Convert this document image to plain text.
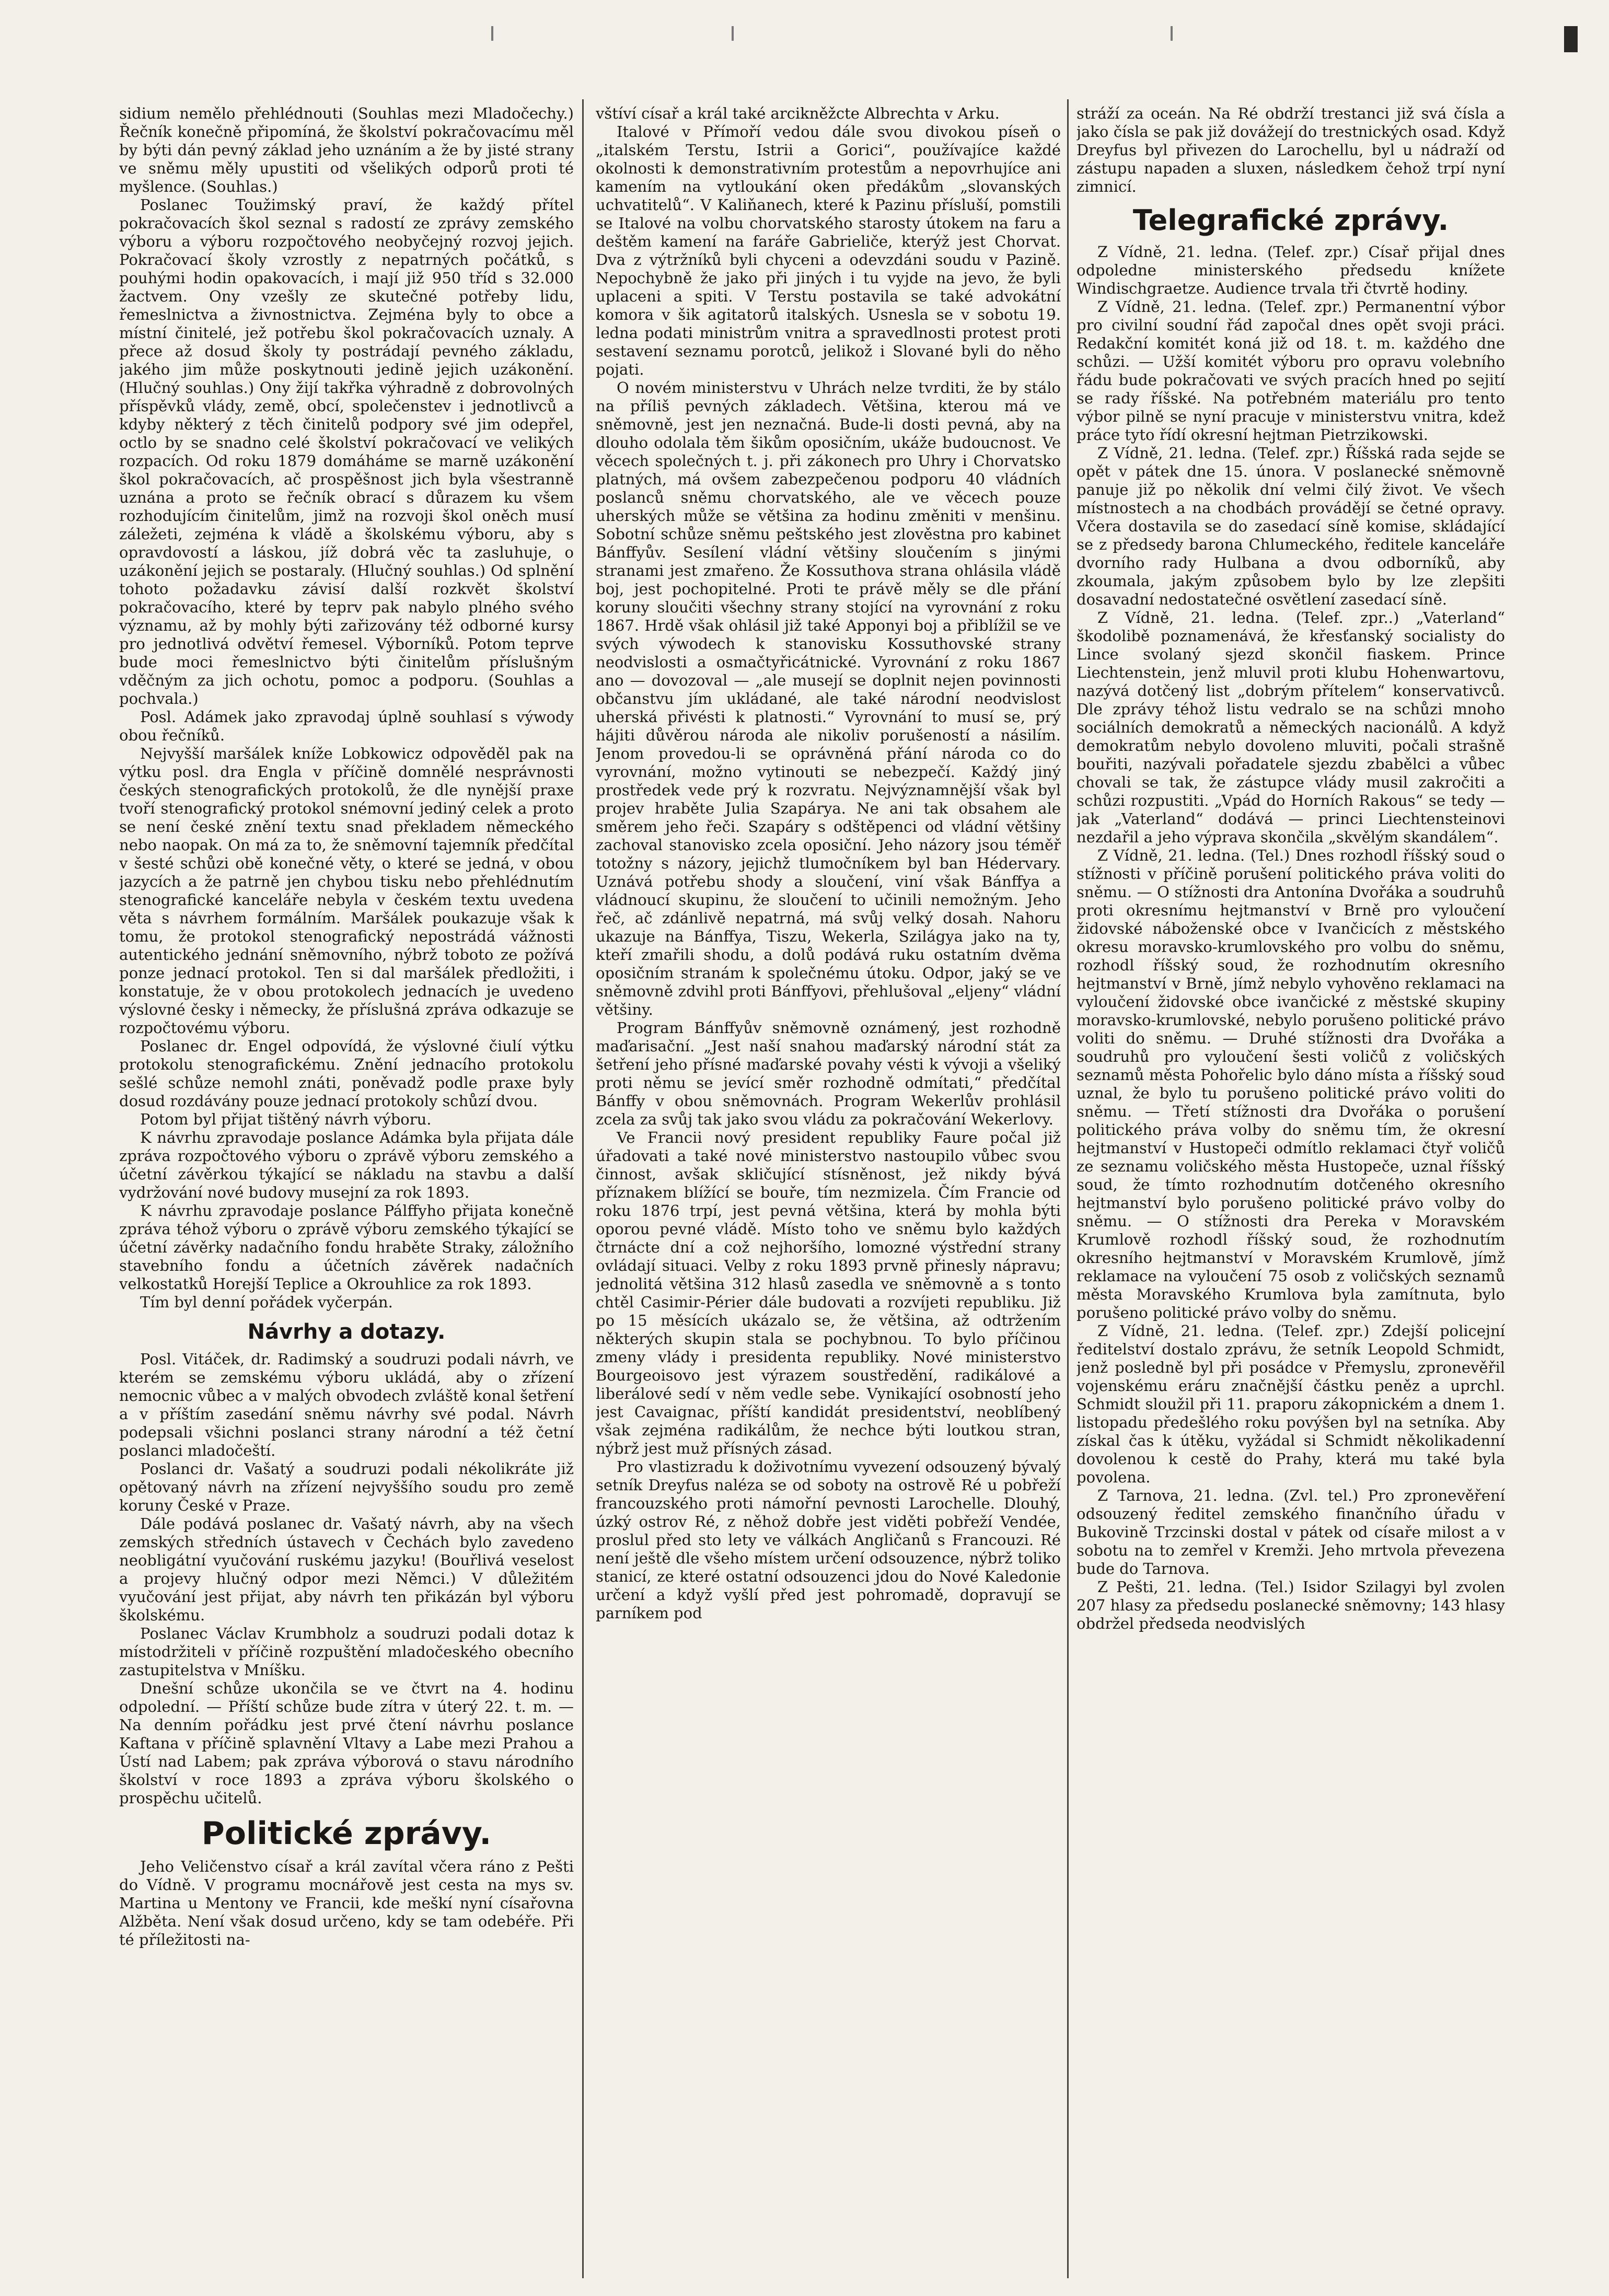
sidium nemělo přehlédnouti (Souhlas mezi Mladočechy.) Řečník konečně připomíná, že školství pokračovacímu měl by býti dán pevný základ jeho uznáním a že by jisté strany ve sněmu měly upustiti od všelikých odporů proti té myšlence. (Souhlas.)

Poslanec Toužimský praví, že každý přítel pokračovacích škol seznal s radostí ze zprávy zemského výboru a výboru rozpočtového neobyčejný rozvoj jejich. Pokračovací školy vzrostly z nepatrných počátků, s pouhými hodin opakovacích, i mají již 950 tříd s 32.000 žactvem. Ony vzešly ze skutečné potřeby lidu, řemeslnictva a živnostnictva. Zejména byly to obce a místní činitelé, jež potřebu škol pokračovacích uznaly. A přece až dosud školy ty postrádají pevného základu, jakého jim může poskytnouti jedině jejich uzákonění. (Hlučný souhlas.) Ony žijí takřka výhradně z dobrovolných příspěvků vlády, země, obcí, společenstev i jednotlivců a kdyby některý z těch činitelů podpory své jim odepřel, octlo by se snadno celé školství pokračovací ve velikých rozpacích. Od roku 1879 domáháme se marně uzákonění škol pokračovacích, ač prospěšnost jich byla všestranně uznána a proto se řečník obrací s důrazem ku všem rozhodujícím činitelům, jimž na rozvoji škol oněch musí záležeti, zejména k vládě a školskému výboru, aby s opravdovostí a láskou, jíž dobrá věc ta zasluhuje, o uzákonění jejich se postaraly. (Hlučný souhlas.) Od splnění tohoto požadavku závisí další rozkvět školství pokračovacího, které by teprv pak nabylo plného svého významu, až by mohly býti zařizovány též odborné kursy pro jednotlivá odvětví řemesel. Výborníků. Potom teprve bude moci řemeslnictvo býti činitelům příslušným vděčným za jich ochotu, pomoc a podporu. (Souhlas a pochvala.)

Posl. Adámek jako zpravodaj úplně souhlasí s výwody obou řečníků.

Nejvyšší maršálek kníže Lobkowicz odpověděl pak na výtku posl. dra Engla v příčině domnělé nesprávnosti českých stenografických protokolů, že dle nynější praxe tvoří stenografický protokol snémovní jediný celek a proto se není české znění textu snad překladem německého nebo naopak. On má za to, že sněmovní tajemník předčítal v šesté schůzi obě konečné věty, o které se jedná, v obou jazycích a že patrně jen chybou tisku nebo přehlédnutím stenografické kanceláře nebyla v českém textu uvedena věta s návrhem formálním. Maršálek poukazuje však k tomu, že protokol stenografický nepostrádá vážnosti autentického jednání sněmovního, nýbrž toboto ze požívá ponze jednací protokol. Ten si dal maršálek předložiti, i konstatuje, že v obou protokolech jednacích je uvedeno výslovné česky i německy, že příslušná zpráva odkazuje se rozpočtovému výboru.

Poslanec dr. Engel odpovídá, že výslovné čiulí výtku protokolu stenografickému. Znění jednacího protokolu sešlé schůze nemohl znáti, poněvadž podle praxe byly dosud rozdávány pouze jednací protokoly schůzí dvou.

Potom byl přijat tištěný návrh výboru.

K návrhu zpravodaje poslance Adámka byla přijata dále zpráva rozpočtového výboru o zprávě výboru zemského a účetní závěrkou týkající se nákladu na stavbu a další vydržování nové budovy musejní za rok 1893.

K návrhu zpravodaje poslance Pálffyho přijata konečně zpráva téhož výboru o zprávě výboru zemského týkající se účetní závěrky nadačního fondu hraběte Straky, záložního stavebního fondu a účetních závěrek nadačních velkostatků Horejší Teplice a Okrouhlice za rok 1893.

Tím byl denní pořádek vyčerpán.

Návrhy a dotazy.

Posl. Vitáček, dr. Radimský a soudruzi podali návrh, ve kterém se zemskému výboru ukládá, aby o zřízení nemocnic vůbec a v malých obvodech zvláště konal šetření a v příštím zasedání sněmu návrhy své podal. Návrh podepsali všichni poslanci strany národní a též četní poslanci mladočeští.

Poslanci dr. Vašatý a soudruzi podali nékolikráte již opětovaný návrh na zřízení nejvyššího soudu pro země koruny České v Praze.

Dále podává poslanec dr. Vašatý návrh, aby na všech zemských středních ústavech v Čechách bylo zavedeno neobligátní vyučování ruskému jazyku! (Bouřlivá veselost a projevy hlučný odpor mezi Němci.) V důležitém vyučování jest přijat, aby návrh ten přikázán byl výboru školskému.

Poslanec Václav Krumbholz a soudruzi podali dotaz k místodržiteli v příčině rozpuštění mladočeského obecního zastupitelstva v Mníšku.

Dnešní schůze ukončila se ve čtvrt na 4. hodinu odpolední. — Příští schůze bude zítra v úterý 22. t. m. — Na denním pořádku jest prvé čtení návrhu poslance Kaftana v příčině splavnění Vltavy a Labe mezi Prahou a Ústí nad Labem; pak zpráva výborová o stavu národního školství v roce 1893 a zpráva výboru školského o prospěchu učitelů.

Politické zprávy.

Jeho Veličenstvo císař a král zavítal včera ráno z Pešti do Vídně. V programu mocnářově jest cesta na mys sv. Martina u Mentony ve Francii, kde meškí nyní císařovna Alžběta. Není však dosud určeno, kdy se tam odebéře. Při té příležitosti na-

vštíví císař a král také arcikněžcte Albrechta v Arku.

Italové v Přímoří vedou dále svou divokou píseň o „italském Terstu, Istrii a Gorici“, používajíce každé okolnosti k demonstrativním protestům a nepovrhujíce ani kamením na vytloukání oken předákům „slovanských uchvatitelů“. V Kaliňanech, které k Pazinu přísluší, pomstili se Italové na volbu chorvatského starosty útokem na faru a deštěm kamení na faráře Gabrieliče, kterýž jest Chorvat. Dva z výtržníků byli chyceni a odevzdáni soudu v Pazině. Nepochybně že jako při jiných i tu vyjde na jevo, že byli uplaceni a spiti. V Terstu postavila se také advokátní komora v šik agitatorů italských. Usnesla se v sobotu 19. ledna podati ministrům vnitra a spravedlnosti protest proti sestavení seznamu porotců, jelikož i Slované byli do něho pojati.

O novém ministerstvu v Uhrách nelze tvrditi, že by stálo na příliš pevných základech. Většina, kterou má ve sněmovně, jest jen neznačná. Bude-li dosti pevná, aby na dlouho odolala těm šikům oposičním, ukáže budoucnost. Ve věcech společných t. j. při zákonech pro Uhry i Chorvatsko platných, má ovšem zabezpečenou podporu 40 vládních poslanců sněmu chorvatského, ale ve věcech pouze uherských může se většina za hodinu změniti v menšinu. Sobotní schůze sněmu peštského jest zlověstna pro kabinet Bánffyův. Sesílení vládní většiny sloučením s jinými stranami jest zmařeno. Že Kossuthova strana ohlásila vládě boj, jest pochopitelné. Proti te právě měly se dle přání koruny sloučiti všechny strany stojící na vyrovnání z roku 1867. Hrdě však ohlásil již také Apponyi boj a přiblížil se ve svých výwodech k stanovisku Kossuthovské strany neodvislosti a osmačtyřicátnické. Vyrovnání z roku 1867 ano — dovozoval — „ale musejí se doplnit nejen povinnosti občanstvu jím ukládané, ale také národní neodvislost uherská přivésti k platnosti.“ Vyrovnání to musí se, prý hájiti důvěrou národa ale nikoliv porušeností a násilím. Jenom provedou-li se oprávněná přání národa co do vyrovnání, možno vytinouti se nebezpečí. Každý jiný prostředek vede prý k rozvratu. Nejvýznamnější však byl projev hraběte Julia Szapáryа. Ne ani tak obsahem ale směrem jeho řeči. Szapáry s odštěpenci od vládní většiny zachoval stanovisko zcela oposiční. Jeho názory jsou téměř totožny s názory, jejichž tlumočníkem byl ban Hédervary. Uznává potřebu shody a sloučení, viní však Bánffya a vládnoucí skupinu, že sloučení to učinili nemožným. Jeho řeč, ač zdánlivě nepatrná, má svůj velký dosah. Nahoru ukazuje na Bánffya, Tiszu, Wekerla, Szilágya jako na ty, kteří zmařili shodu, a dolů podává ruku ostatním dvěma oposičním stranám k společnému útoku. Odpor, jaký se ve sněmovně zdvihl proti Bánffyovi, přehlušoval „eljeny“ vládní většiny.

Program Bánffyův sněmovně oznámený, jest rozhodně maďarisační. „Jest naší snahou maďarský národní stát za šetření jeho přísné maďarské povahy vésti k vývoji a všeliký proti němu se jevící směr rozhodně odmítati,“ předčítal Bánffy v obou sněmovnách. Program Wekerlův prohlásil zcela za svůj tak jako svou vládu za pokračování Wekerlovy.

Ve Francii nový president republiky Faure počal již úřadovati a také nové ministerstvo nastoupilo vůbec svou činnost, avšak skličující stísněnost, jež nikdy bývá příznakem blížící se bouře, tím nezmizela. Čím Francie od roku 1876 trpí, jest pevná většina, která by mohla býti oporou pevné vládě. Místo toho ve sněmu bylo každých čtrnácte dní a což nejhoršího, lomozné výstřední strany ovládají situaci. Velby z roku 1893 prvně přinesly nápravu; jednolitá většina 312 hlasů zasedla ve sněmovně a s tonto chtěl Casimir-Périer dále budovati a rozvíjeti republiku. Již po 15 měsících ukázalo se, že většina, až odtržením některých skupin stala se pochybnou. To bylo příčinou zmeny vlády i presidenta republiky. Nové ministerstvo Bourgeoisovo jest výrazem soustředění, radikálové a liberálové sedí v něm vedle sebe. Vynikající osobností jeho jest Cavaignac, příští kandidát presidentství, neoblíbený však zejména radikálům, že nechce býti loutkou stran, nýbrž jest muž přísných zásad.

Pro vlastizradu k doživotnímu vyvezení odsouzený bývalý setník Dreyfus naléza se od soboty na ostrově Ré u pobřeží francouzského proti námořní pevnosti Larochelle. Dlouhý, úzký ostrov Ré, z něhož dobře jest viděti pobřeží Vendée, proslul před sto lety ve válkách Angličanů s Francouzi. Ré není ještě dle všeho místem určení odsouzence, nýbrž toliko stanicí, ze které ostatní odsouzenci jdou do Nové Kaledonie určení a když vyšlí před jest pohromadě, dopravují se parníkem pod

stráží za oceán. Na Ré obdrží trestanci již svá čísla a jako čísla se pak již dovážejí do trestnických osad. Když Dreyfus byl přivezen do Larochellu, byl u nádraží od zástupu napaden a sluxen, následkem čehož trpí nyní zimnicí.

Telegrafické zprávy.

Z Vídně, 21. ledna. (Telef. zpr.) Císař přijal dnes odpoledne ministerského předsedu knížete Windischgraetze. Audience trvala tři čtvrtě hodiny.

Z Vídně, 21. ledna. (Telef. zpr.) Permanentní výbor pro civilní soudní řád započal dnes opět svoji práci. Redakční komitét koná již od 18. t. m. každého dne schůzi. — Užší komitét výboru pro opravu volebního řádu bude pokračovati ve svých pracích hned po sejití se rady říšské. Na potřebném materiálu pro tento výbor pilně se nyní pracuje v ministerstvu vnitra, kdež práce tyto řídí okresní hejtman Pietrzikowski.

Z Vídně, 21. ledna. (Telef. zpr.) Říšská rada sejde se opět v pátek dne 15. února. V poslanecké sněmovně panuje již po několik dní velmi čilý život. Ve všech místnostech a na chodbách provádějí se četné opravy. Včera dostavila se do zasedací síně komise, skládající se z předsedy barona Chlumeckého, ředitele kanceláře dvorního rady Hulbana a dvou odborníků, aby zkoumala, jakým způsobem bylo by lze zlepšiti dosavadní nedostatečné osvětlení zasedací síně.

Z Vídně, 21. ledna. (Telef. zpr..) „Vaterland“ škodolibě poznamenává, že křesťanský socialisty do Lince svolaný sjezd skončil fiaskem. Prince Liechtenstein, jenž mluvil proti klubu Hohenwartovu, nazývá dotčený list „dobrým přítelem“ konservativců. Dle zprávy téhož listu vedralo se na schůzi mnoho sociálních demokratů a německých nacionálů. A když demokratům nebylo dovoleno mluviti, počali strašně bouřiti, nazývali pořadatele sjezdu zbabělci a vůbec chovali se tak, že zástupce vlády musil zakročiti a schůzi rozpustiti. „Vpád do Horních Rakous“ se tedy — jak „Vaterland“ dodává — princi Liechtensteinovi nezdařil a jeho výprava skončila „skvělým skandálem“.

Z Vídně, 21. ledna. (Tel.) Dnes rozhodl říšský soud o stížnosti v příčině porušení politického práva voliti do sněmu. — O stížnosti dra Antonína Dvořáka a soudruhů proti okresnímu hejtmanství v Brně pro vyloučení židovské náboženské obce v Ivančicích z městského okresu moravsko-krumlovského pro volbu do sněmu, rozhodl říšský soud, že rozhodnutím okresního hejtmanství v Brně, jímž nebylo vyhověno reklamaci na vyloučení židovské obce ivančické z městské skupiny moravsko-krumlovské, nebylo porušeno politické právo voliti do sněmu. — Druhé stížnosti dra Dvořáka a soudruhů pro vyloučení šesti voličů z voličských seznamů města Pohořelic bylo dáno místa a říšský soud uznal, že bylo tu porušeno politické právo voliti do sněmu. — Třetí stížnosti dra Dvořáka o porušení politického práva volby do sněmu tím, že okresní hejtmanství v Hustopeči odmítlo reklamaci čtyř voličů ze seznamu voličského města Hustopeče, uznal říšský soud, že tímto rozhodnutím dotčeného okresního hejtmanství bylo porušeno politické právo volby do sněmu. — O stížnosti dra Pereka v Moravském Krumlově rozhodl říšský soud, že rozhodnutím okresního hejtmanství v Moravském Krumlově, jímž reklamace na vyloučení 75 osob z voličských seznamů města Moravského Krumlova byla zamítnuta, bylo porušeno politické právo volby do sněmu.

Z Vídně, 21. ledna. (Telef. zpr.) Zdejší policejní ředitelství dostalo zprávu, že setník Leopold Schmidt, jenž posledně byl při posádce v Přemyslu, zpronevěřil vojenskému eráru značnější částku peněz a uprchl. Schmidt sloužil při 11. praporu zákopnickém a dnem 1. listopadu předešlého roku povýšen byl na setníka. Aby získal čas k útěku, vyžádal si Schmidt několikadenní dovolenou k cestě do Prahy, která mu také byla povolena.

Z Tarnova, 21. ledna. (Zvl. tel.) Pro zpronevěření odsouzený ředitel zemského finančního úřadu v Bukovině Trzcinski dostal v pátek od císaře milost a v sobotu na to zemřel v Kremži. Jeho mrtvola převezena bude do Tarnova.

Z Pešti, 21. ledna. (Tel.) Isidor Szilagyi byl zvolen 207 hlasy za předsedu poslanecké sněmovny; 143 hlasy obdržel předseda neodvislých
